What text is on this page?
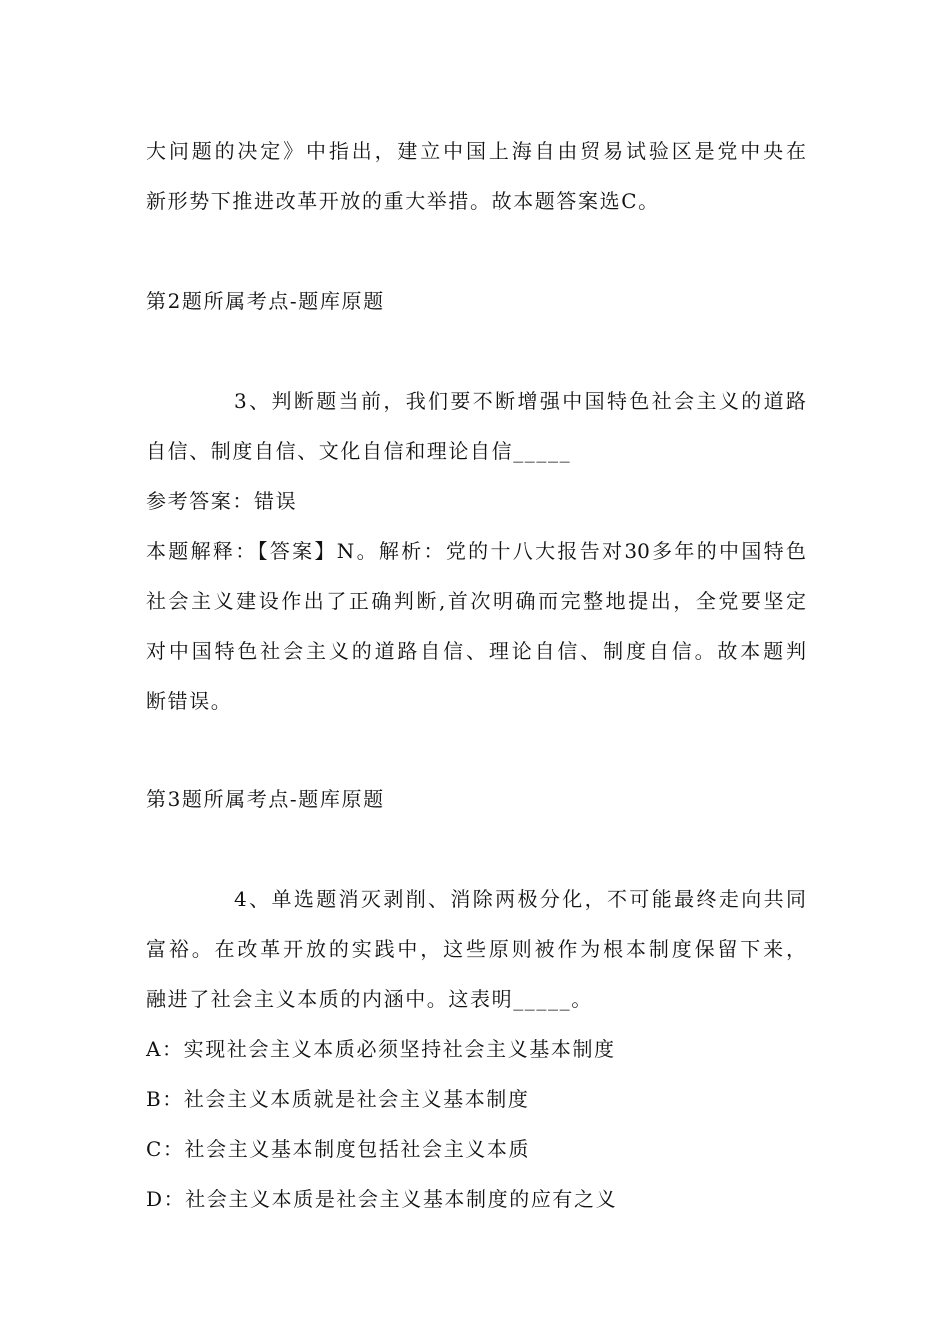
大问题的决定》中指出，建立中国上海自由贸易试验区是党中央在
新形势下推进改革开放的重大举措。故本题答案选C。
第2题所属考点-题库原题
3、判断题当前，我们要不断增强中国特色社会主义的道路
自信、制度自信、文化自信和理论自信_____
参考答案：错误
本题解释：【答案】N。解析：党的十八大报告对30多年的中国特色
社会主义建设作出了正确判断,首次明确而完整地提出，全党要坚定
对中国特色社会主义的道路自信、理论自信、制度自信。故本题判
断错误。
第3题所属考点-题库原题
4、单选题消灭剥削、消除两极分化，不可能最终走向共同
富裕。在改革开放的实践中，这些原则被作为根本制度保留下来，
融进了社会主义本质的内涵中。这表明_____。
A：实现社会主义本质必须坚持社会主义基本制度
B：社会主义本质就是社会主义基本制度
C：社会主义基本制度包括社会主义本质
D：社会主义本质是社会主义基本制度的应有之义
